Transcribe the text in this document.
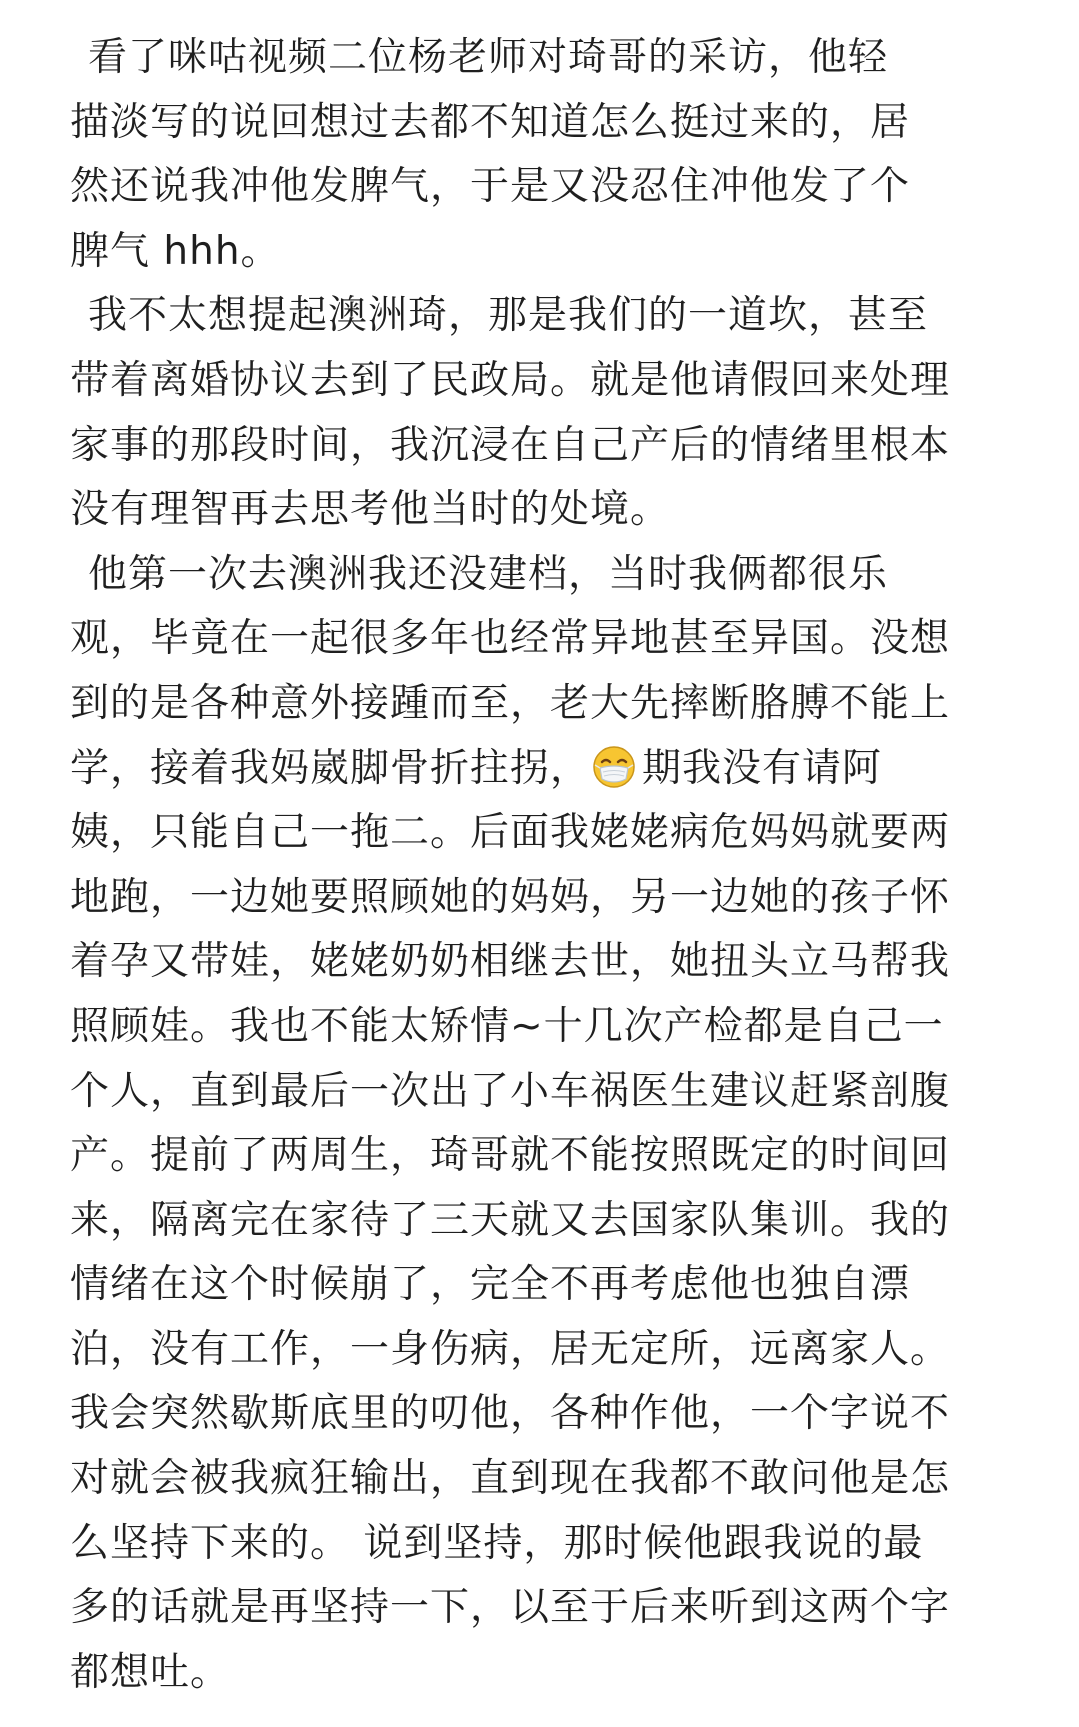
看了咪咕视频二位杨老师对琦哥的采访，他轻
描淡写的说回想过去都不知道怎么挺过来的，居
然还说我冲他发脾气，于是又没忍住冲他发了个
脾气 hhh。
我不太想提起澳洲琦，那是我们的一道坎，甚至
带着离婚协议去到了民政局。就是他请假回来处理
家事的那段时间，我沉浸在自己产后的情绪里根本
没有理智再去思考他当时的处境。
他第一次去澳洲我还没建档，当时我俩都很乐
观，毕竟在一起很多年也经常异地甚至异国。没想
到的是各种意外接踵而至，老大先摔断胳膊不能上
学，接着我妈崴脚骨折拄拐， 期我没有请阿
姨，只能自己一拖二。后面我姥姥病危妈妈就要两
地跑，一边她要照顾她的妈妈，另一边她的孩子怀
着孕又带娃，姥姥奶奶相继去世，她扭头立马帮我
照顾娃。我也不能太矫情~十几次产检都是自己一
个人，直到最后一次出了小车祸医生建议赶紧剖腹
产。提前了两周生，琦哥就不能按照既定的时间回
来，隔离完在家待了三天就又去国家队集训。我的
情绪在这个时候崩了，完全不再考虑他也独自漂
泊，没有工作，一身伤病，居无定所，远离家人。
我会突然歇斯底里的叨他，各种作他，一个字说不
对就会被我疯狂输出，直到现在我都不敢问他是怎
么坚持下来的。 说到坚持，那时候他跟我说的最
多的话就是再坚持一下，以至于后来听到这两个字
都想吐。
